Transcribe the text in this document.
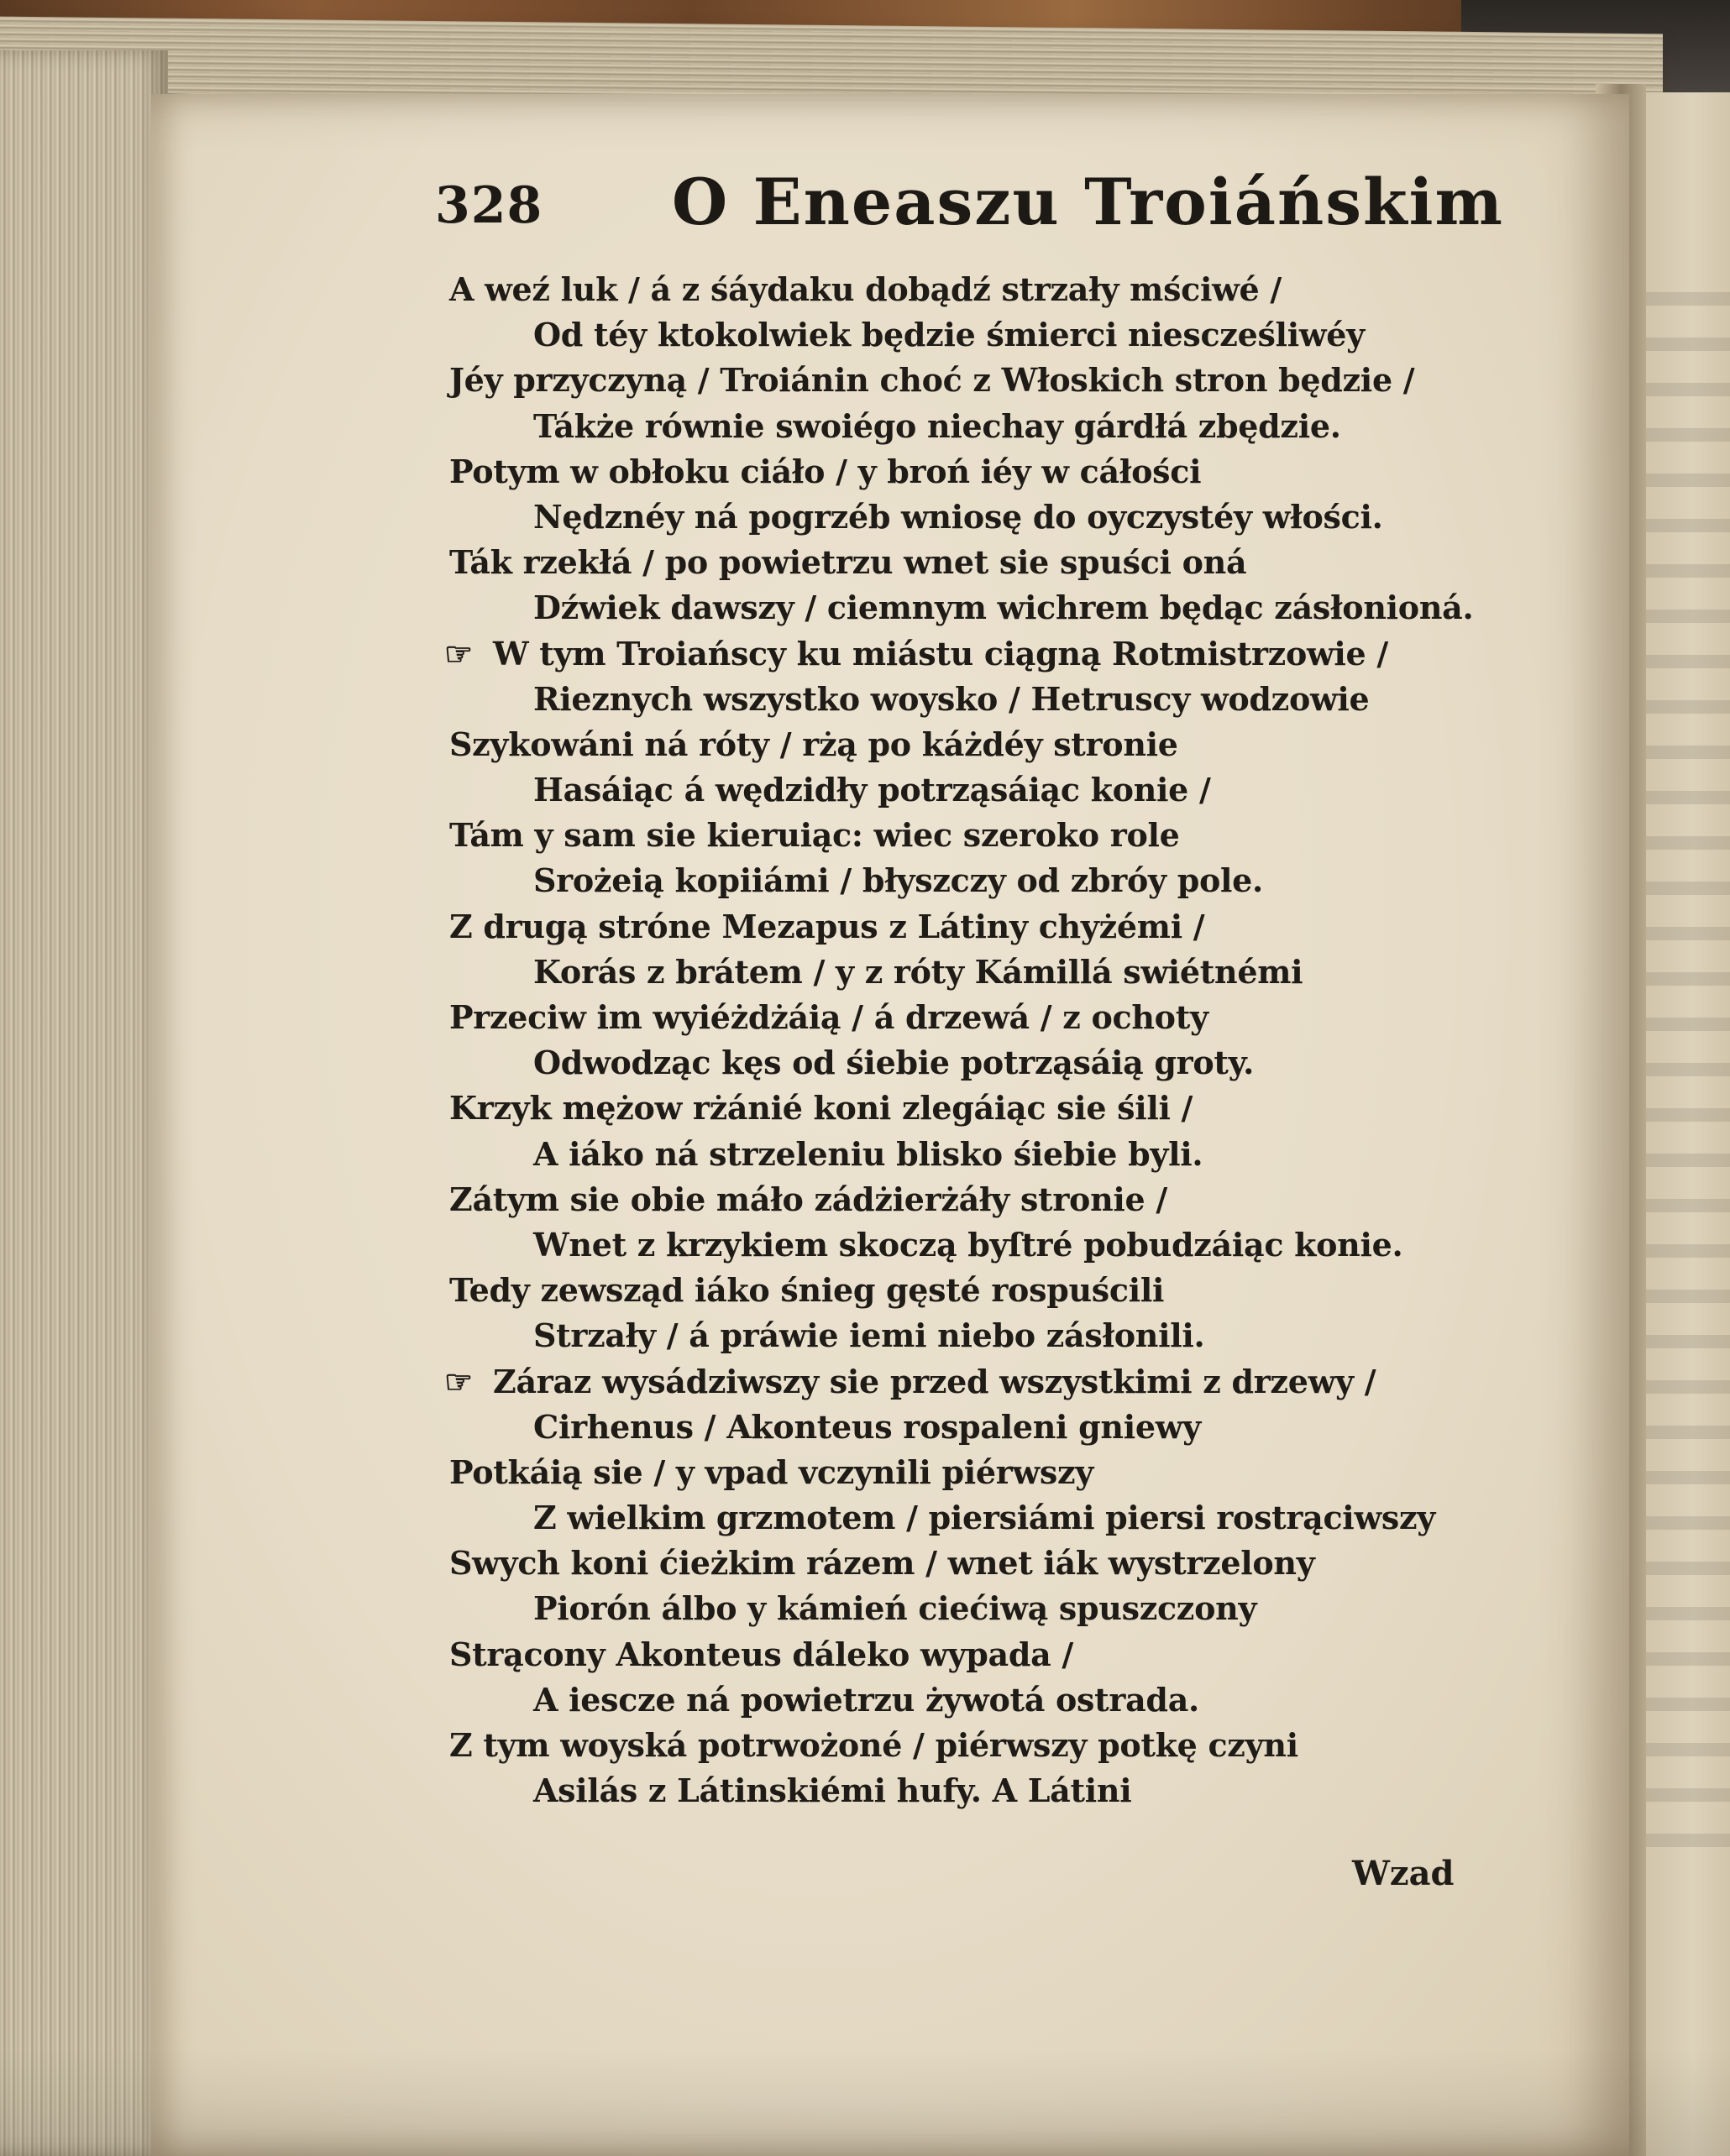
328 O Eneaszu Troiáńskim
A weź luk / á z śáydaku dobądź strzały mściwé /
Od téy ktokolwiek będzie śmierci niescześliwéy
Jéy przyczyną / Troiánin choć z Włoskich stron będzie /
Tákże równie swoiégo niechay gárdłá zbędzie.
Potym w obłoku ciáło / y broń iéy w cáłości
Nędznéy ná pogrzéb wniosę do oyczystéy włości.
Ták rzekłá / po powietrzu wnet sie spuści oná
Dźwiek dawszy / ciemnym wichrem będąc zásłonioná.
☞ W tym Troiańscy ku miástu ciągną Rotmistrzowie /
Rieznych wszystko woysko / Hetruscy wodzowie
Szykowáni ná róty / rżą po káżdéy stronie
Hasáiąc á wędzidły potrząsáiąc konie /
Tám y sam sie kieruiąc: wiec szeroko role
Srożeią kopiiámi / błyszczy od zbróy pole.
Z drugą stróne Mezapus z Látiny chyżémi /
Korás z brátem / y z róty Kámillá swiétnémi
Przeciw im wyiéżdżáią / á drzewá / z ochoty
Odwodząc kęs od śiebie potrząsáią groty.
Krzyk mężow rżánié koni zlegáiąc sie śili /
A iáko ná strzeleniu blisko śiebie byli.
Zátym sie obie máło zádżierżáły stronie /
Wnet z krzykiem skoczą byſtré pobudzáiąc konie.
Tedy zewsząd iáko śnieg gęsté rospuścili
Strzały / á práwie iemi niebo zásłonili.
☞ Záraz wysádziwszy sie przed wszystkimi z drzewy /
Cirhenus / Akonteus rospaleni gniewy
Potkáią sie / y vpad vczynili piérwszy
Z wielkim grzmotem / piersiámi piersi rostrąciwszy
Swych koni ćieżkim rázem / wnet iák wystrzelony
Piorón álbo y kámień ciećiwą spuszczony
Strącony Akonteus dáleko wypada /
A iescze ná powietrzu żywotá ostrada.
Z tym woyská potrwożoné / piérwszy potkę czyni
Asilás z Látinskiémi hufy. A Látini
Wzad
